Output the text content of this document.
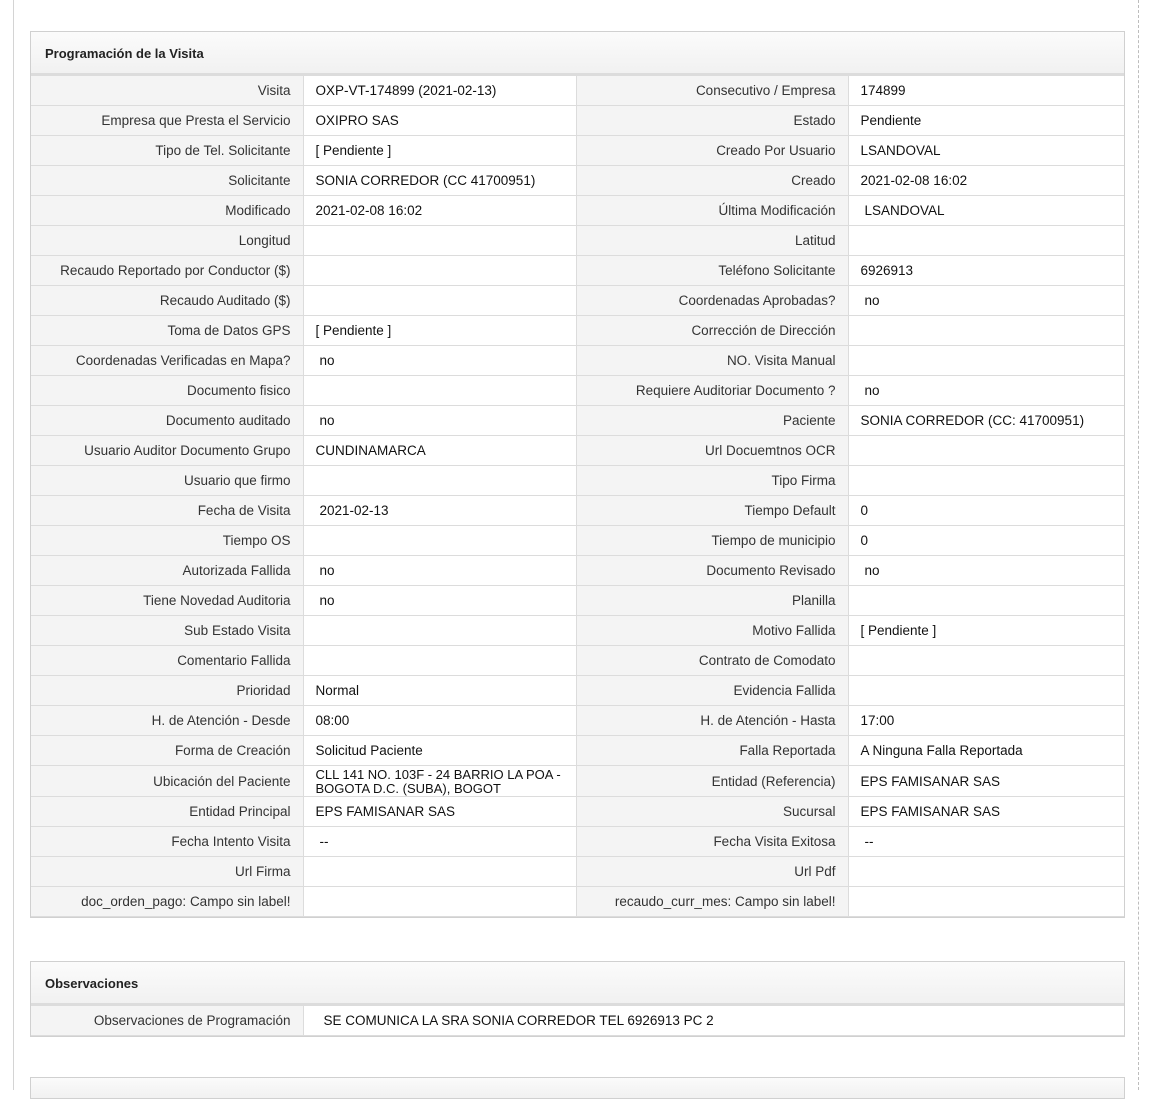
Programación de la Visita
Visita	OXP-VT-174899 (2021-02-13)	Consecutivo / Empresa	174899
Empresa que Presta el Servicio	OXIPRO SAS	Estado	Pendiente
Tipo de Tel. Solicitante	[ Pendiente ]	Creado Por Usuario	LSANDOVAL
Solicitante	SONIA CORREDOR (CC 41700951)	Creado	2021-02-08 16:02
Modificado	2021-02-08 16:02	Última Modificación	LSANDOVAL
Longitud		Latitud	
Recaudo Reportado por Conductor ($)		Teléfono Solicitante	6926913
Recaudo Auditado ($)		Coordenadas Aprobadas?	no
Toma de Datos GPS	[ Pendiente ]	Corrección de Dirección	
Coordenadas Verificadas en Mapa?	no	NO. Visita Manual	
Documento fisico		Requiere Auditoriar Documento ?	no
Documento auditado	no	Paciente	SONIA CORREDOR (CC: 41700951)
Usuario Auditor Documento Grupo	CUNDINAMARCA	Url Docuemtnos OCR	
Usuario que firmo		Tipo Firma	
Fecha de Visita	2021-02-13	Tiempo Default	0
Tiempo OS		Tiempo de municipio	0
Autorizada Fallida	no	Documento Revisado	no
Tiene Novedad Auditoria	no	Planilla	
Sub Estado Visita		Motivo Fallida	[ Pendiente ]
Comentario Fallida		Contrato de Comodato	
Prioridad	Normal	Evidencia Fallida	
H. de Atención - Desde	08:00	H. de Atención - Hasta	17:00
Forma de Creación	Solicitud Paciente	Falla Reportada	A Ninguna Falla Reportada
Ubicación del Paciente	CLL 141 NO. 103F - 24 BARRIO LA POA - BOGOTA D.C. (SUBA), BOGOT	Entidad (Referencia)	EPS FAMISANAR SAS
Entidad Principal	EPS FAMISANAR SAS	Sucursal	EPS FAMISANAR SAS
Fecha Intento Visita	--	Fecha Visita Exitosa	--
Url Firma		Url Pdf	
doc_orden_pago: Campo sin label!		recaudo_curr_mes: Campo sin label!	
Observaciones
Observaciones de Programación	SE COMUNICA LA SRA SONIA CORREDOR TEL 6926913 PC 2
